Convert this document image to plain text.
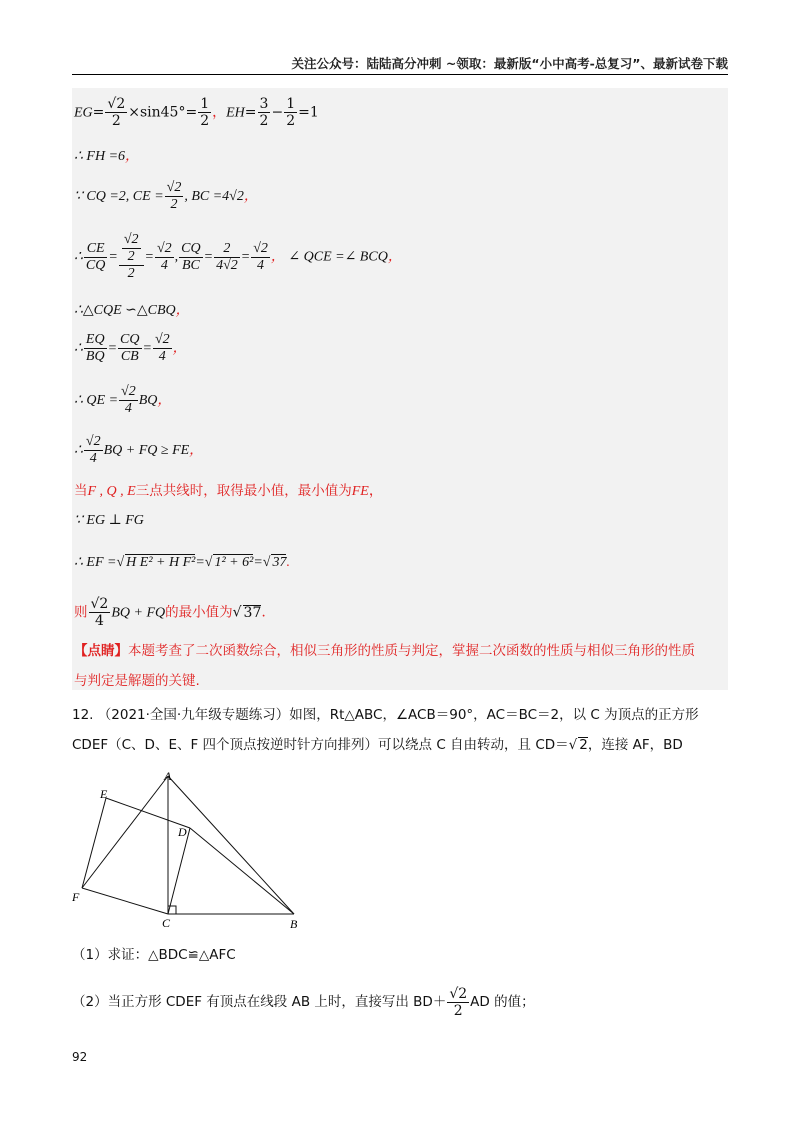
关注公众号：陆陆高分冲刺 ~领取：最新版“小中高考-总复习”、最新试卷下载
$EG= \frac{√2}{2} \times\sin 45^\circ= \frac{1}{2}$ ，$EH= \frac{3}{2} - \frac{1}{2} =1$
∴ FH =6，
∵ CQ =2, CE = $\frac{√2}{2}$ , BC =4√2，
∴ $\frac{CE}{CQ} = \frac{\frac{√2}{2}}{2} = \frac{√2}{4}$ , $\frac{CQ}{BC} = \frac{2}{4√2} = \frac{√2}{4}$ ， ∠ QCE =∠ BCQ，
∴△CQE ∽△CBQ，
∴ $\frac{EQ}{BQ} = \frac{CQ}{CB} = \frac{√2}{4}$ ，
∴ QE = $\frac{√2}{4}$ BQ，
∴ $\frac{√2}{4}$ BQ + FQ ≥ FE，
当F , Q , E三点共线时，取得最小值，最小值为FE，
∵ EG ⊥ FG
∴ EF =√ H E² + H F²=√ 1² + 6²=√ 37.
则 $\frac{√2}{4}$ BQ + FQ的最小值为√ 37.
【点睛】本题考查了二次函数综合，相似三角形的性质与判定，掌握二次函数的性质与相似三角形的性质
与判定是解题的关键.
12. （2021·全国·九年级专题练习）如图，Rt△ABC，∠ACB＝90°，AC＝BC＝2，以 C 为顶点的正方形
CDEF（C、D、E、F 四个顶点按逆时针方向排列）可以绕点 C 自由转动，且 CD＝√ 2，连接 AF，BD
A
B
C
D
E
F
（1）求证：△BDC≌△AFC
（2）当正方形 CDEF 有顶点在线段 AB 上时，直接写出 $BD+ \frac{√2}{2}$ AD 的值；
92
